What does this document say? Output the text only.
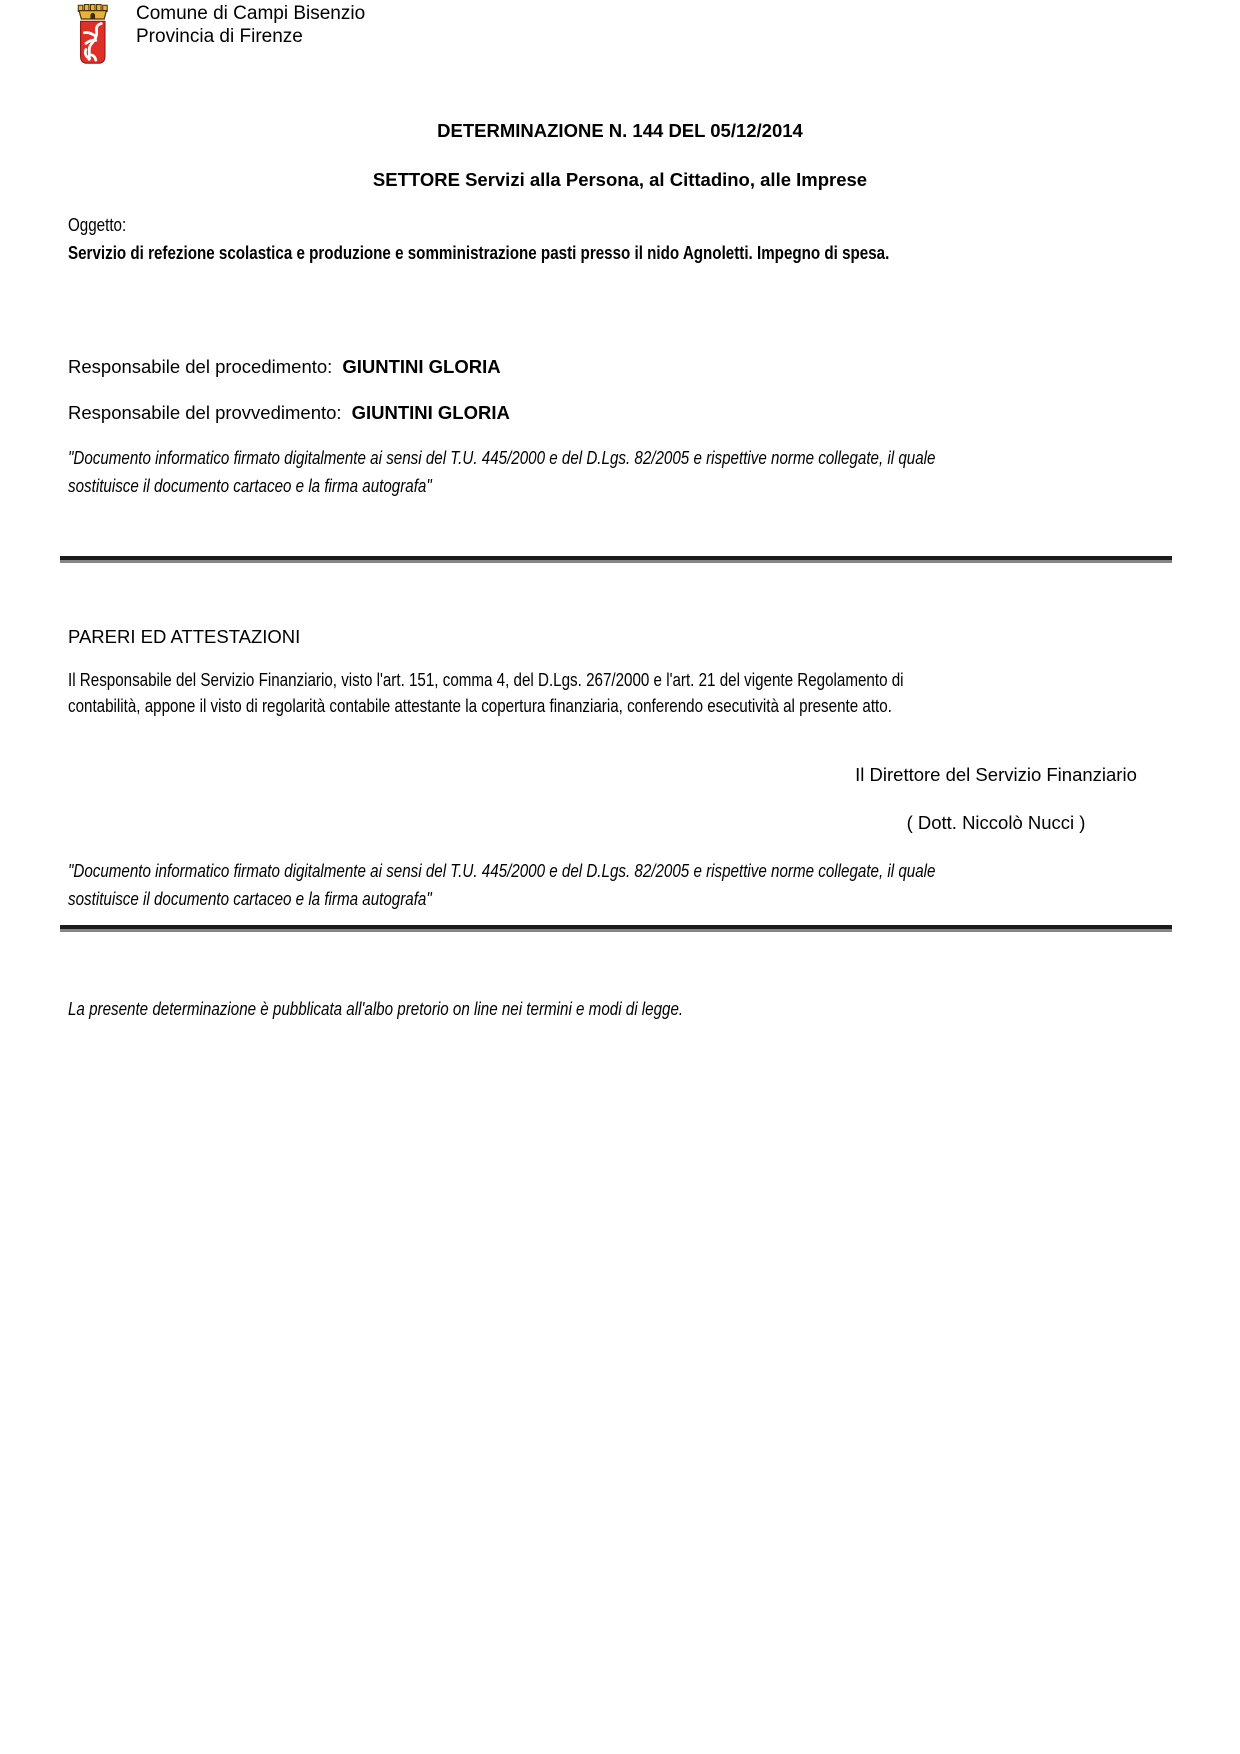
Comune di Campi Bisenzio
Provincia di Firenze
DETERMINAZIONE N. 144 DEL 05/12/2014
SETTORE Servizi alla Persona, al Cittadino, alle Imprese
Oggetto:
Servizio di refezione scolastica e produzione e somministrazione pasti presso il nido Agnoletti. Impegno di spesa.
Responsabile del procedimento: GIUNTINI GLORIA
Responsabile del provvedimento: GIUNTINI GLORIA
"Documento informatico firmato digitalmente ai sensi del T.U. 445/2000 e del D.Lgs. 82/2005 e rispettive norme collegate, il quale sostituisce il documento cartaceo e la firma autografa"
PARERI ED ATTESTAZIONI
Il Responsabile del Servizio Finanziario, visto l'art. 151, comma 4, del D.Lgs. 267/2000 e l'art. 21 del vigente Regolamento di contabilità, appone il visto di regolarità contabile attestante la copertura finanziaria, conferendo esecutività al presente atto.
Il Direttore del Servizio Finanziario
( Dott. Niccolò Nucci )
"Documento informatico firmato digitalmente ai sensi del T.U. 445/2000 e del D.Lgs. 82/2005 e rispettive norme collegate, il quale sostituisce il documento cartaceo e la firma autografa"
La presente determinazione è pubblicata all'albo pretorio on line nei termini e modi di legge.
